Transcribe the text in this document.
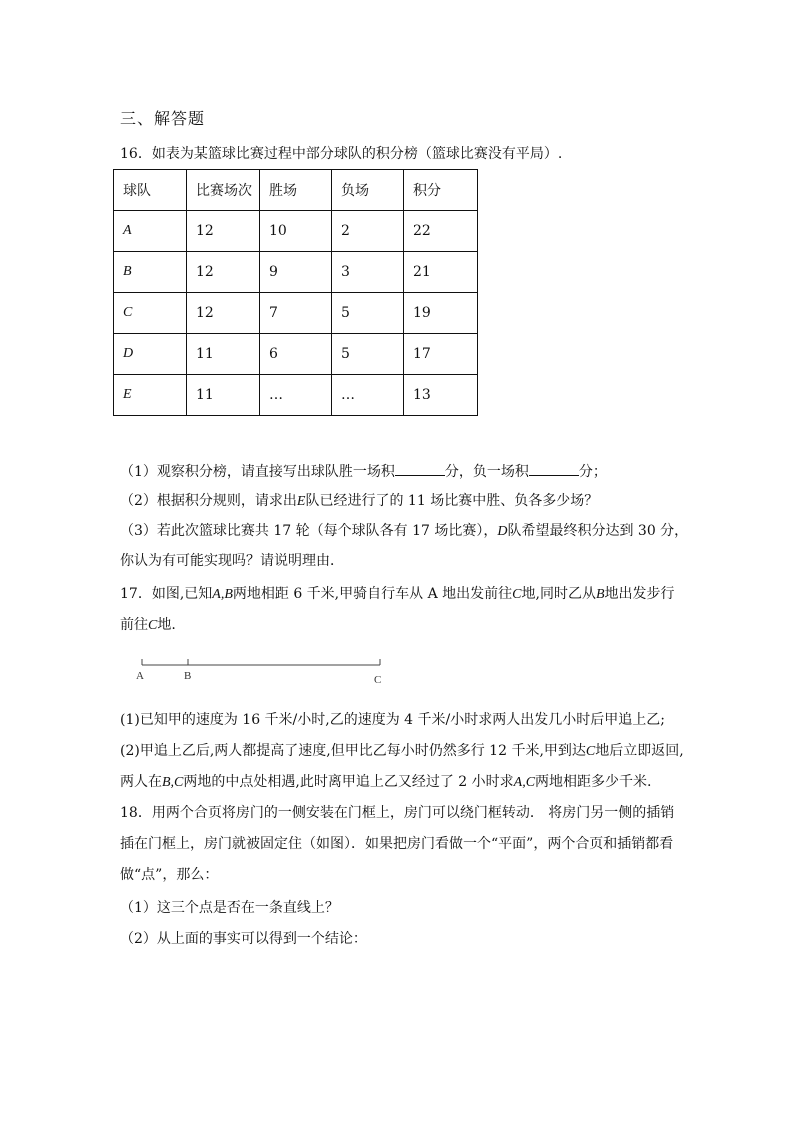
三、解答题
16．如表为某篮球比赛过程中部分球队的积分榜（篮球比赛没有平局）.
球队	比赛场次	胜场	负场	积分
A	12	10	2	22
B	12	9	3	21
C	12	7	5	19
D	11	6	5	17
E	11	…	…	13
（1）观察积分榜，请直接写出球队胜一场积	分，负一场积	分；
（2）根据积分规则，请求出E队已经进行了的 11 场比赛中胜、负各多少场？
（3）若此次篮球比赛共 17 轮（每个球队各有 17 场比赛），D队希望最终积分达到 30 分，
你认为有可能实现吗？请说明理由．
17．如图,已知A,B两地相距 6 千米,甲骑自行车从 A 地出发前往C地,同时乙从B地出发步行
前往C地.
A	B	C
(1)已知甲的速度为 16 千米/小时,乙的速度为 4 千米/小时求两人出发几小时后甲追上乙;
(2)甲追上乙后,两人都提高了速度,但甲比乙每小时仍然多行 12 千米,甲到达C地后立即返回,
两人在B,C两地的中点处相遇,此时离甲追上乙又经过了 2 小时求A,C两地相距多少千米.
18．用两个合页将房门的一侧安装在门框上，房门可以绕门框转动． 将房门另一侧的插销
插在门框上，房门就被固定住（如图）．如果把房门看做一个“平面”，两个合页和插销都看
做“点”，那么：
（1）这三个点是否在一条直线上？
（2）从上面的事实可以得到一个结论：
